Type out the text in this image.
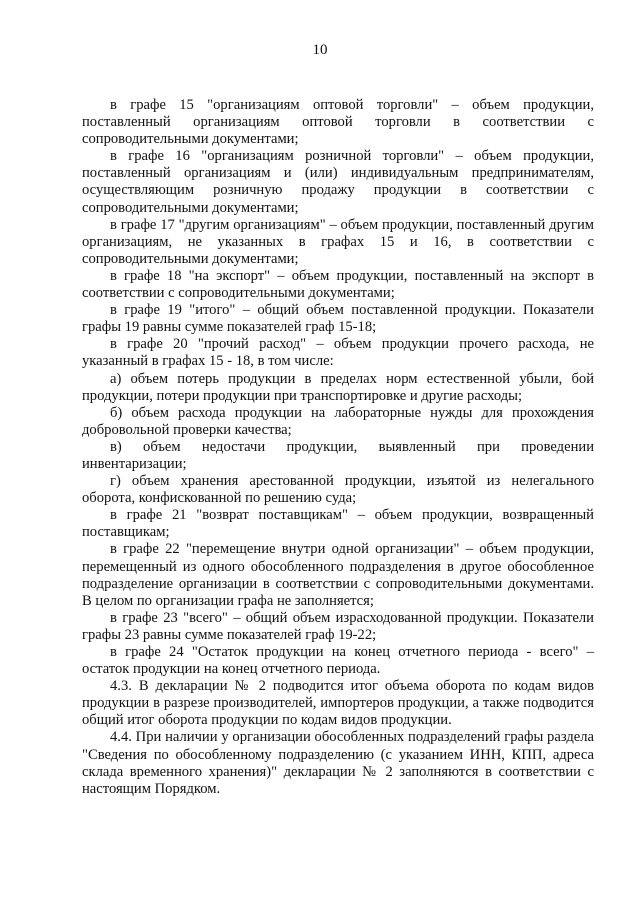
10

в графе 15 "организациям оптовой торговли" – объем продукции, поставленный организациям оптовой торговли в соответствии с сопроводительными документами;

в графе 16 "организациям розничной торговли" – объем продукции, поставленный организациям и (или) индивидуальным предпринимателям, осуществляющим розничную продажу продукции в соответствии с сопроводительными документами;

в графе 17 "другим организациям" – объем продукции, поставленный другим организациям, не указанных в графах 15 и 16, в соответствии с сопроводительными документами;

в графе 18 "на экспорт" – объем продукции, поставленный на экспорт в соответствии с сопроводительными документами;

в графе 19 "итого" – общий объем поставленной продукции. Показатели графы 19 равны сумме показателей граф 15-18;

в графе 20 "прочий расход" – объем продукции прочего расхода, не указанный в графах 15 - 18, в том числе:

а) объем потерь продукции в пределах норм естественной убыли, бой продукции, потери продукции при транспортировке и другие расходы;

б) объем расхода продукции на лабораторные нужды для прохождения добровольной проверки качества;

в) объем недостачи продукции, выявленный при проведении инвентаризации;

г) объем хранения арестованной продукции, изъятой из нелегального оборота, конфискованной по решению суда;

в графе 21 "возврат поставщикам" – объем продукции, возвращенный поставщикам;

в графе 22 "перемещение внутри одной организации" – объем продукции, перемещенный из одного обособленного подразделения в другое обособленное подразделение организации в соответствии с сопроводительными документами. В целом по организации графа не заполняется;

в графе 23 "всего" – общий объем израсходованной продукции. Показатели графы 23 равны сумме показателей граф 19-22;

в графе 24 "Остаток продукции на конец отчетного периода - всего" – остаток продукции на конец отчетного периода.

4.3. В декларации № 2 подводится итог объема оборота по кодам видов продукции в разрезе производителей, импортеров продукции, а также подводится общий итог оборота продукции по кодам видов продукции.

4.4. При наличии у организации обособленных подразделений графы раздела "Сведения по обособленному подразделению (с указанием ИНН, КПП, адреса склада временного хранения)" декларации № 2 заполняются в соответствии с настоящим Порядком.
